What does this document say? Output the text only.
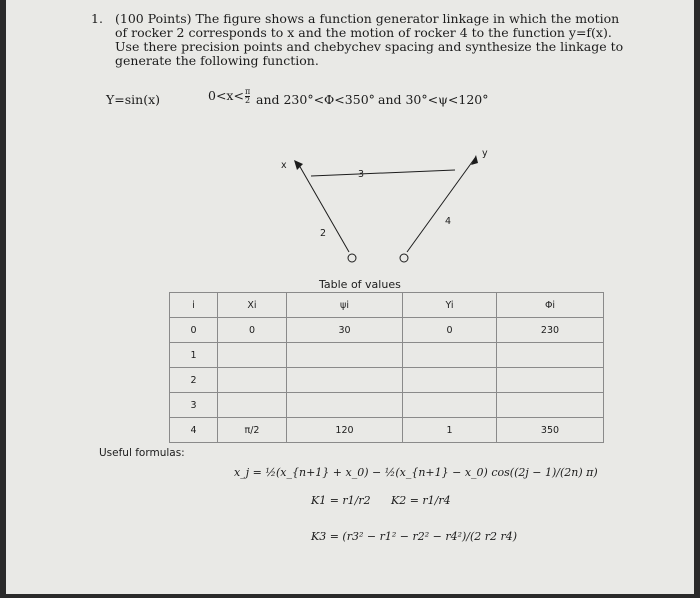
1. (100 Points) The figure shows a function generator linkage in which the motion of rocker 2 corresponds to x and the motion of rocker 4 to the function y=f(x). Use there precision points and chebychev spacing and synthesize the linkage to generate the following function.
Y=sin(x)	$0<x< \frac{\pi}{2}$ and 230°<Φ<350° and 30°<ψ<120°
x
y
3
2
4
Table of values
i	Xi	ψi	Yi	Φi
0	0	30	0	230
1				
2				
3				
4	π/2	120	1	350
Useful formulas:
x_j = ½(x_{n+1} + x_0) − ½(x_{n+1} − x_0) cos((2j − 1)/(2n) π)
K1 = r1/r2 K2 = r1/r4
K3 = (r3² − r1² − r2² − r4²)/(2 r2 r4)
